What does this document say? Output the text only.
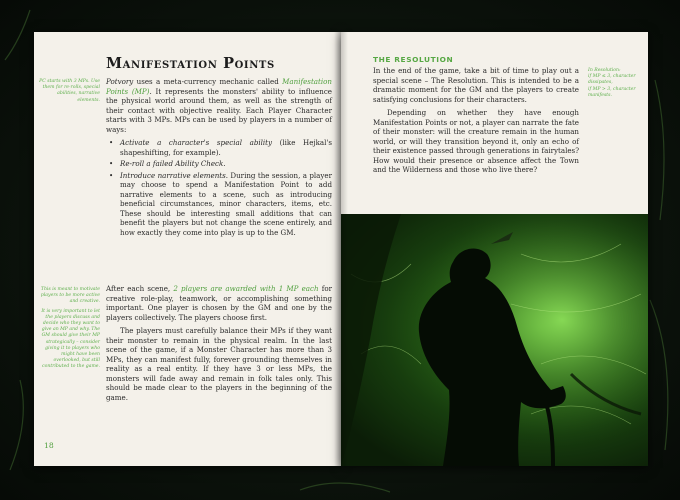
Manifestation Points

PC starts with 3 MPs. Use them for re-rolls, special abilities, narrative elements.

Potvory uses a meta-currency mechanic called Manifestation Points (MP). It represents the monsters' ability to influence the physical world around them, as well as the strength of their contact with objective reality. Each Player Character starts with 3 MPs. MPs can be used by players in a number of ways:

• Activate a character's special ability (like Hejkal's shapeshifting, for example).
• Re-roll a failed Ability Check.
• Introduce narrative elements. During the session, a player may choose to spend a Manifestation Point to add narrative elements to a scene, such as introducing beneficial circumstances, minor characters, items, etc. These should be interesting small additions that can benefit the players but not change the scene entirely, and how exactly they come into play is up to the GM.

This is meant to motivate players to be more active and creative.

It is very important to let the players discuss and decide who they want to give an MP and why. The GM should give their MP strategically – consider giving it to players who might have been overlooked, but still contributed to the game.

After each scene, 2 players are awarded with 1 MP each for creative role-play, teamwork, or accomplishing something important. One player is chosen by the GM and one by the players collectively. The players choose first.

The players must carefully balance their MPs if they want their monster to remain in the physical realm. In the last scene of the game, if a Monster Character has more than 3 MPs, they can manifest fully, forever grounding themselves in reality as a real entity. If they have 3 or less MPs, the monsters will fade away and remain in folk tales only. This should be made clear to the players in the beginning of the game.

18
THE RESOLUTION

In the end of the game, take a bit of time to play out a special scene – The Resolution. This is intended to be a dramatic moment for the GM and the players to create satisfying conclusions for their characters.

Depending on whether they have enough Manifestation Points or not, a player can narrate the fate of their monster: will the creature remain in the human world, or will they transition beyond it, only an echo of their existence passed through generations in fairytales? How would their presence or absence affect the Town and the Wilderness and those who live there?

In Resolution:
if MP ≤ 3, character dissipates,
if MP > 3, character manifests.
